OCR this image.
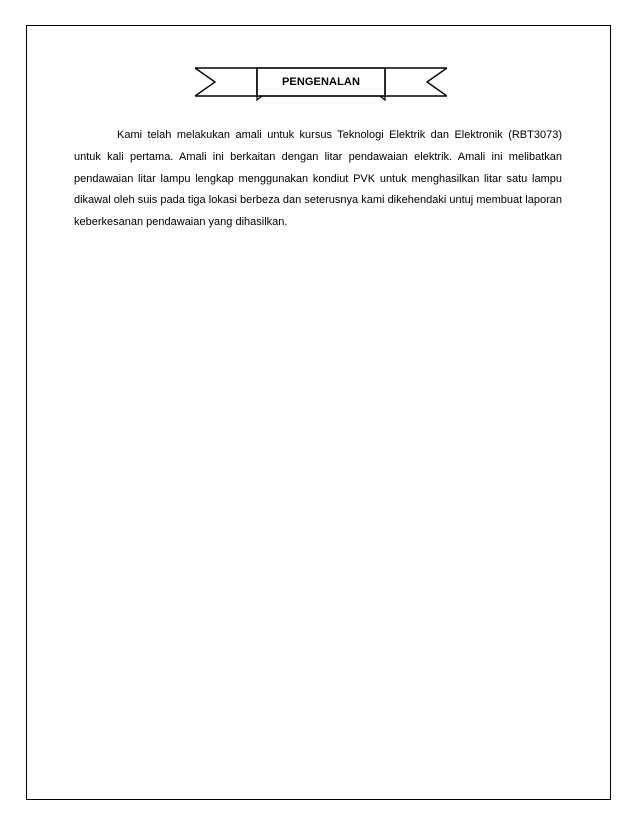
PENGENALAN

Kami telah melakukan amali untuk kursus Teknologi Elektrik dan Elektronik (RBT3073) untuk kali pertama. Amali ini berkaitan dengan litar pendawaian elektrik. Amali ini melibatkan pendawaian litar lampu lengkap menggunakan kondiut PVK untuk menghasilkan litar satu lampu dikawal oleh suis pada tiga lokasi berbeza dan seterusnya kami dikehendaki untuj membuat laporan keberkesanan pendawaian yang dihasilkan.
